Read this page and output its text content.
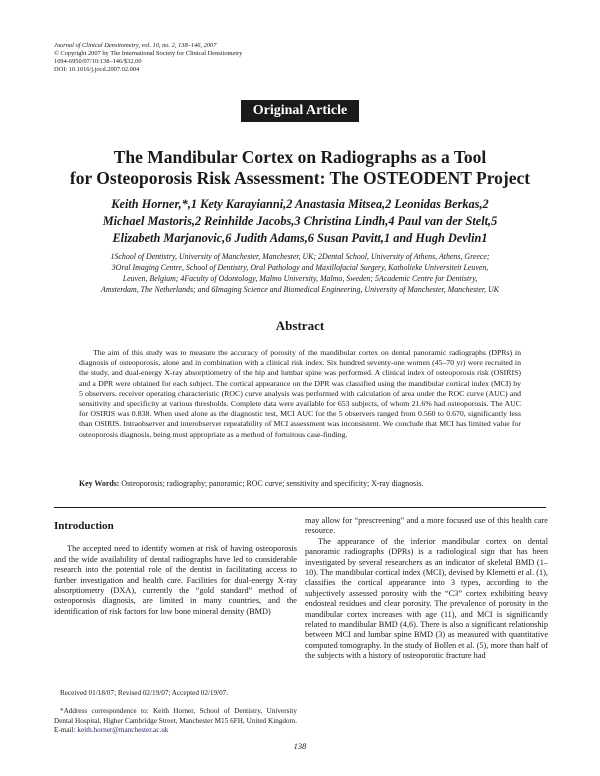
Journal of Clinical Densitometry, vol. 10, no. 2, 138–146, 2007
© Copyright 2007 by The International Society for Clinical Densitometry
1094-6950/07/10:138–146/$32.00
DOI: 10.1016/j.jocd.2007.02.004
Original Article
The Mandibular Cortex on Radiographs as a Tool
for Osteoporosis Risk Assessment: The OSTEODENT Project
Keith Horner,*,1 Kety Karayianni,2 Anastasia Mitsea,2 Leonidas Berkas,2
Michael Mastoris,2 Reinhilde Jacobs,3 Christina Lindh,4 Paul van der Stelt,5
Elizabeth Marjanovic,6 Judith Adams,6 Susan Pavitt,1 and Hugh Devlin1
1School of Dentistry, University of Manchester, Manchester, UK; 2Dental School, University of Athens, Athens, Greece;
3Oral Imaging Centre, School of Dentistry, Oral Pathology and Maxillofacial Surgery, Katholieke Universiteit Leuven,
Leuven, Belgium; 4Faculty of Odontology, Malmo University, Malmo, Sweden; 5Academic Centre for Dentistry,
Amsterdam, The Netherlands; and 6Imaging Science and Biomedical Engineering, University of Manchester, Manchester, UK
Abstract
The aim of this study was to measure the accuracy of porosity of the mandibular cortex on dental panoramic radiographs (DPRs) in diagnosis of osteoporosis, alone and in combination with a clinical risk index. Six hundred seventy-one women (45–70 yr) were recruited in the study, and dual-energy X-ray absorptiometry of the hip and lumbar spine was performed. A clinical index of osteoporosis risk (OSIRIS) and a DPR were obtained for each subject. The cortical appearance on the DPR was classified using the mandibular cortical index (MCI) by 5 observers. receiver operating characteristic (ROC) curve analysis was performed with calculation of area under the ROC curve (AUC) and sensitivity and specificity at various thresholds. Complete data were available for 653 subjects, of whom 21.6% had osteoporosis. The AUC for OSIRIS was 0.838. When used alone as the diagnostic test, MCI AUC for the 5 observers ranged from 0.560 to 0.670, significantly less than OSIRIS. Intraobserver and interobserver repeatability of MCI assessment was inconsistent. We conclude that MCI has limited value for osteoporosis diagnosis, being most appropriate as a method of fortuitous case-finding.
Key Words: Osteoporosis; radiography; panoramic; ROC curve; sensitivity and specificity; X-ray diagnosis.
Introduction

The accepted need to identify women at risk of having osteoporosis and the wide availability of dental radiographs have led to considerable research into the potential role of the dentist in facilitating access to further investigation and health care. Facilities for dual-energy X-ray absorptiometry (DXA), currently the “gold standard” method of osteoporosis diagnosis, are limited in many countries, and the identification of risk factors for low bone mineral density (BMD)

may allow for “prescreening” and a more focused use of this health care resource.

The appearance of the inferior mandibular cortex on dental panoramic radiographs (DPRs) is a radiological sign that has been investigated by several researchers as an indicator of skeletal BMD (1–10). The mandibular cortical index (MCI), devised by Klemetti et al. (1), classifies the cortical appearance into 3 types, according to the subjectively assessed porosity with the “C3” cortex exhibiting heavy endosteal residues and clear porosity. The prevalence of porosity in the mandibular cortex increases with age (11), and MCI is significantly related to mandibular BMD (4,6). There is also a significant relationship between MCI and lumbar spine BMD (3) as measured with quantitative computed tomography. In the study of Bollen et al. (5), more than half of the subjects with a history of osteoporotic fracture had

Received 01/18/07; Revised 02/19/07; Accepted 02/19/07.

*Address correspondence to: Keith Horner, School of Dentistry, University Dental Hospital, Higher Cambridge Street, Manchester M15 6FH, United Kingdom. E-mail: keith.horner@manchester.ac.uk

138
